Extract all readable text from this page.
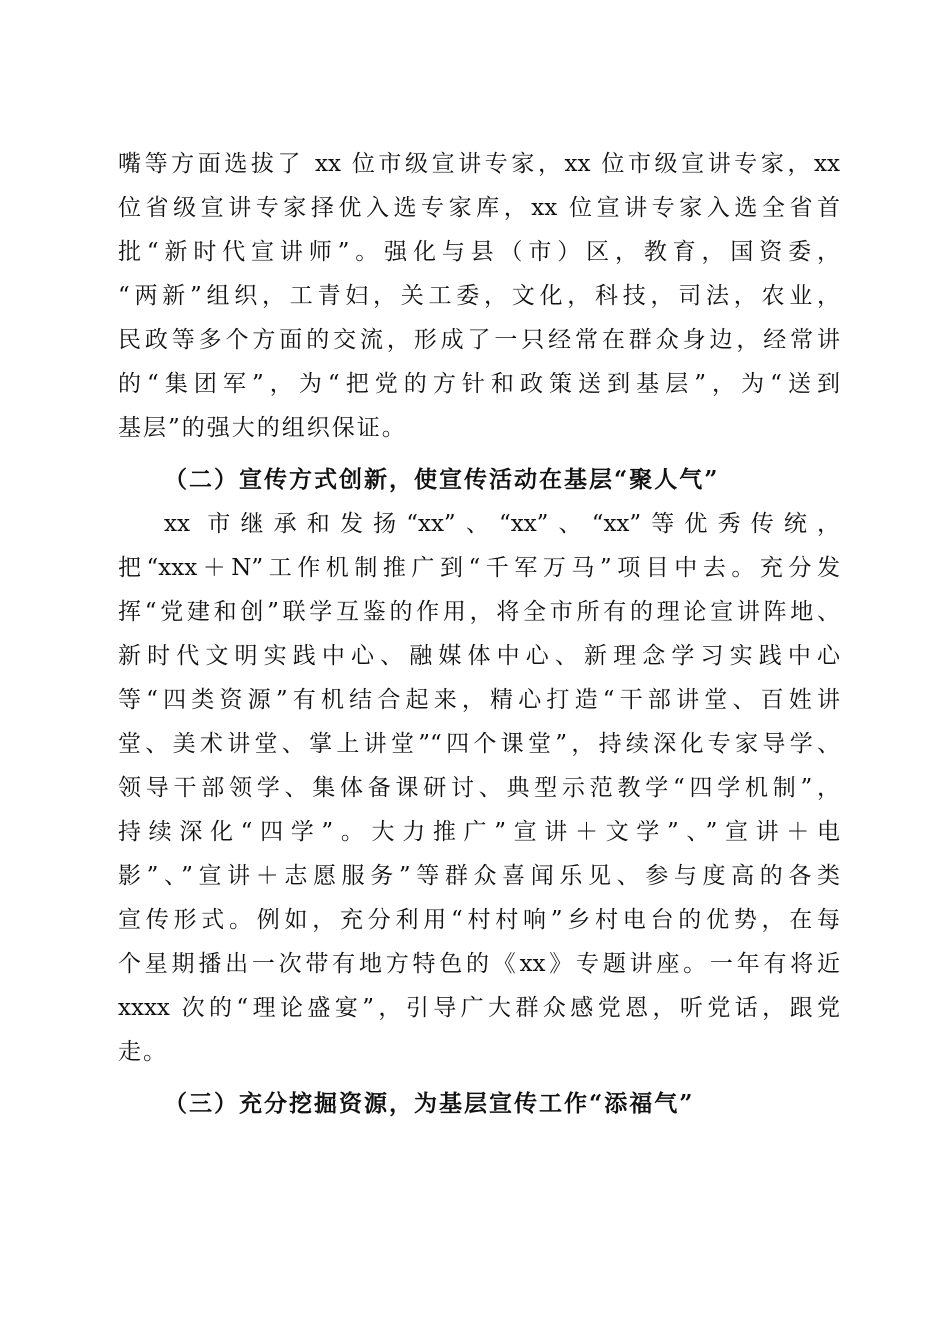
嘴等方面选拔了 xx 位市级宣讲专家，xx 位市级宣讲专家，xx
位省级宣讲专家择优入选专家库，xx 位宣讲专家入选全省首
批“新时代宣讲师”。强化与县（市）区，教育，国资委，
“两新”组织，工青妇，关工委，文化，科技，司法，农业，
民政等多个方面的交流，形成了一只经常在群众身边，经常讲
的“集团军”，为“把党的方针和政策送到基层”，为“送到
基层”的强大的组织保证。
（二）宣传方式创新，使宣传活动在基层“聚人气”
xx 市继承和发扬“xx”、“xx”、“xx”等优秀传统，
把“xxx＋N”工作机制推广到“千军万马”项目中去。充分发
挥“党建和创”联学互鉴的作用，将全市所有的理论宣讲阵地、
新时代文明实践中心、融媒体中心、新理念学习实践中心
等“四类资源”有机结合起来，精心打造“干部讲堂、百姓讲
堂、美术讲堂、掌上讲堂”“四个课堂”，持续深化专家导学、
领导干部领学、集体备课研讨、典型示范教学“四学机制”，
持续深化“四学”。大力推广”宣讲＋文学”、”宣讲＋电
影”、”宣讲＋志愿服务”等群众喜闻乐见、参与度高的各类
宣传形式。例如，充分利用“村村响”乡村电台的优势，在每
个星期播出一次带有地方特色的《xx》专题讲座。一年有将近
xxxx 次的“理论盛宴”，引导广大群众感党恩，听党话，跟党
走。
（三）充分挖掘资源，为基层宣传工作“添福气”
